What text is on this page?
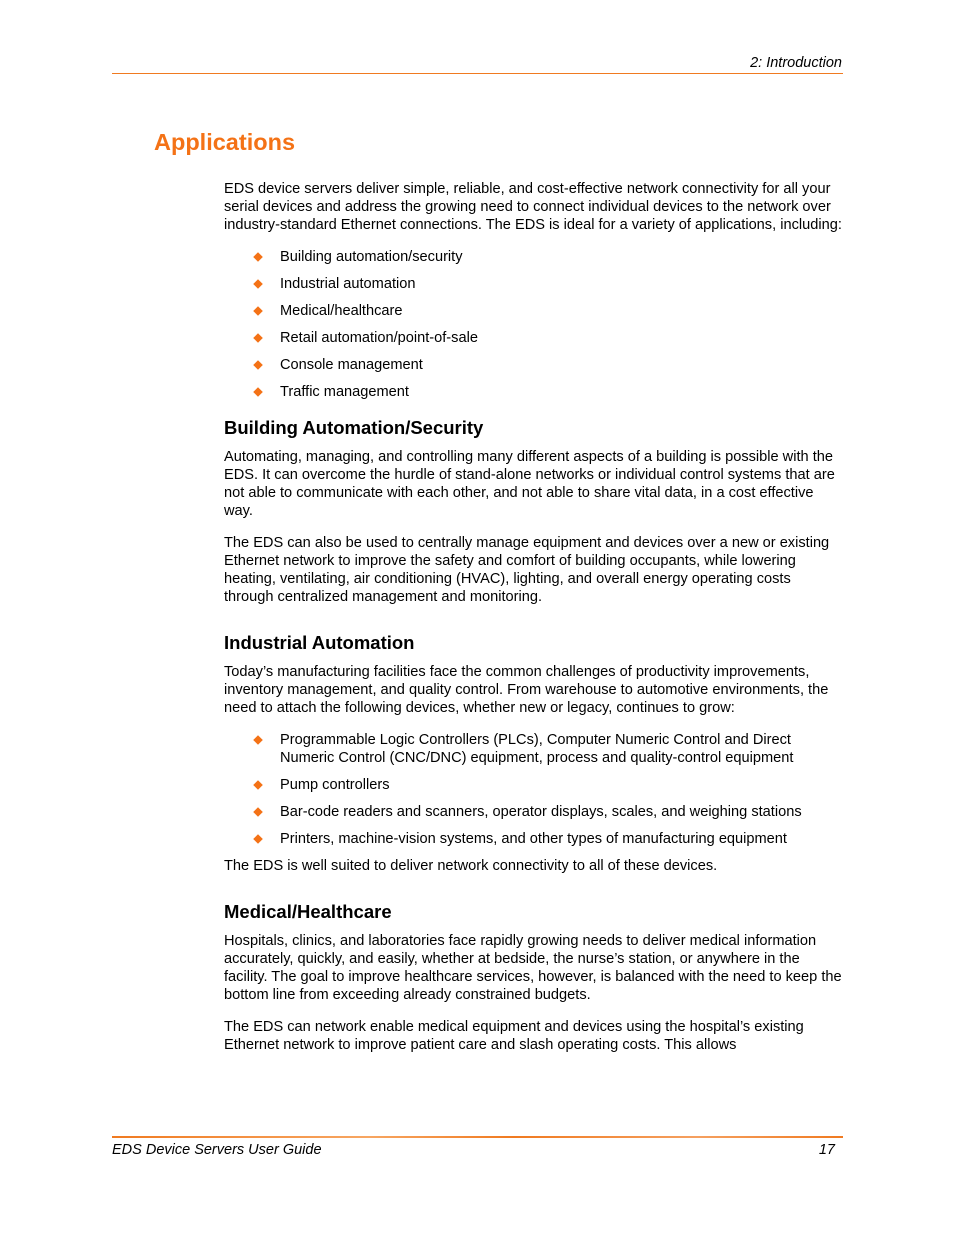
2: Introduction
Applications

EDS device servers deliver simple, reliable, and cost-effective network connectivity for all your serial devices and address the growing need to connect individual devices to the network over industry-standard Ethernet connections. The EDS is ideal for a variety of applications, including:

Building automation/security
Industrial automation
Medical/healthcare
Retail automation/point-of-sale
Console management
Traffic management
Building Automation/Security

Automating, managing, and controlling many different aspects of a building is possible with the EDS. It can overcome the hurdle of stand-alone networks or individual control systems that are not able to communicate with each other, and not able to share vital data, in a cost effective way.

The EDS can also be used to centrally manage equipment and devices over a new or existing Ethernet network to improve the safety and comfort of building occupants, while lowering heating, ventilating, air conditioning (HVAC), lighting, and overall energy operating costs through centralized management and monitoring.

Industrial Automation

Today’s manufacturing facilities face the common challenges of productivity improvements, inventory management, and quality control. From warehouse to automotive environments, the need to attach the following devices, whether new or legacy, continues to grow:

Programmable Logic Controllers (PLCs), Computer Numeric Control and Direct Numeric Control (CNC/DNC) equipment, process and quality-control equipment
Pump controllers
Bar-code readers and scanners, operator displays, scales, and weighing stations
Printers, machine-vision systems, and other types of manufacturing equipment

The EDS is well suited to deliver network connectivity to all of these devices.

Medical/Healthcare

Hospitals, clinics, and laboratories face rapidly growing needs to deliver medical information accurately, quickly, and easily, whether at bedside, the nurse’s station, or anywhere in the facility. The goal to improve healthcare services, however, is balanced with the need to keep the bottom line from exceeding already constrained budgets.

The EDS can network enable medical equipment and devices using the hospital’s existing Ethernet network to improve patient care and slash operating costs. This allows

EDS Device Servers User Guide	17
